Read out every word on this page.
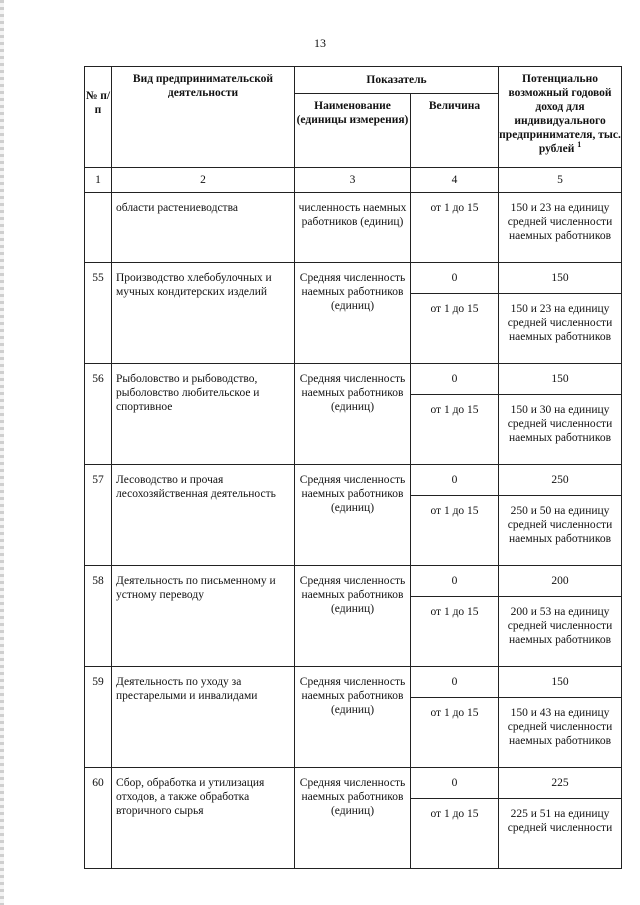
13
№ п/п	Вид предпринимательской деятельности	Показатель		Потенциально возможный годовой доход для индивидуального предпринимателя, тыс. рублей $^1$
		Наименование (единицы измерения)	Величина	
1	2	3	4	5
	области растениеводства	численность наемных работников (единиц)	от 1 до 15	150 и 23 на единицу средней численности наемных работников
55	Производство хлебобулочных и мучных кондитерских изделий	Средняя численность наемных работников (единиц)	0	150
			от 1 до 15	150 и 23 на единицу средней численности наемных работников
56	Рыболовство и рыбоводство, рыболовство любительское и спортивное	Средняя численность наемных работников (единиц)	0	150
			от 1 до 15	150 и 30 на единицу средней численности наемных работников
57	Лесоводство и прочая лесохозяйственная деятельность	Средняя численность наемных работников (единиц)	0	250
			от 1 до 15	250 и 50 на единицу средней численности наемных работников
58	Деятельность по письменному и устному переводу	Средняя численность наемных работников (единиц)	0	200
			от 1 до 15	200 и 53 на единицу средней численности наемных работников
59	Деятельность по уходу за престарелыми и инвалидами	Средняя численность наемных работников (единиц)	0	150
			от 1 до 15	150 и 43 на единицу средней численности наемных работников
60	Сбор, обработка и утилизация отходов, а также обработка вторичного сырья	Средняя численность наемных работников (единиц)	0	225
			от 1 до 15	225 и 51 на единицу средней численности
